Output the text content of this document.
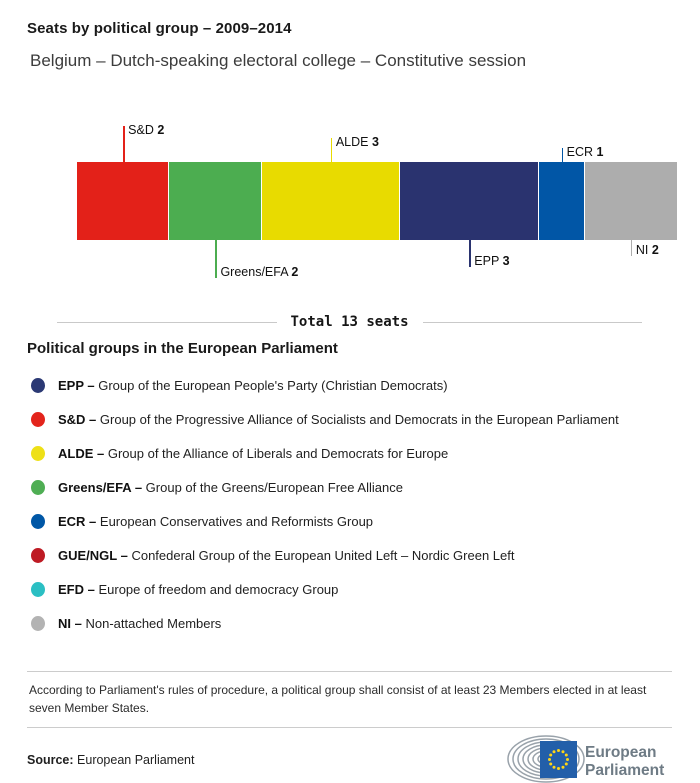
Seats by political group – 2009–2014
Belgium – Dutch-speaking electoral college – Constitutive session
S&D 2
Greens/EFA 2
ALDE 3
EPP 3
ECR 1
NI 2
Total 13 seats
Political groups in the European Parliament
EPP – Group of the European People's Party (Christian Democrats)
S&D – Group of the Progressive Alliance of Socialists and Democrats in the European Parliament
ALDE – Group of the Alliance of Liberals and Democrats for Europe
Greens/EFA – Group of the Greens/European Free Alliance
ECR – European Conservatives and Reformists Group
GUE/NGL – Confederal Group of the European United Left – Nordic Green Left
EFD – Europe of freedom and democracy Group
NI – Non-attached Members
According to Parliament's rules of procedure, a political group shall consist of at least 23 Members elected in at least seven Member States.
Source: European Parliament	European
Parliament
